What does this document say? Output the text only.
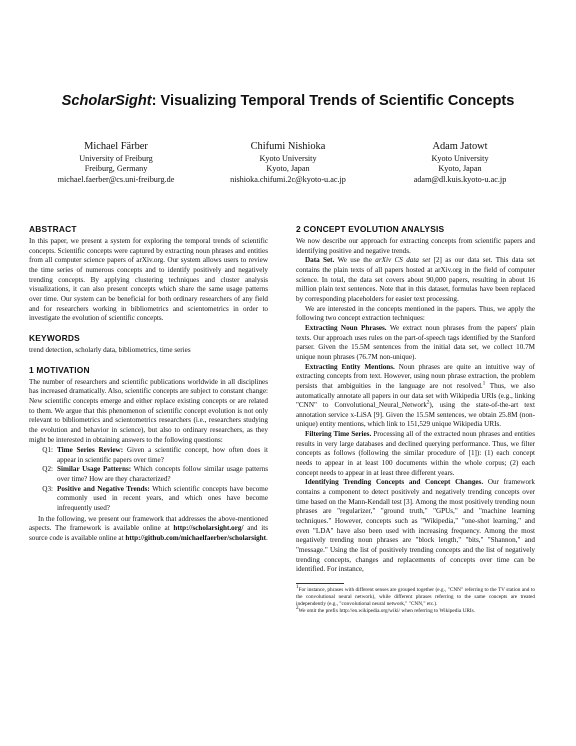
ScholarSight: Visualizing Temporal Trends of Scientific Concepts
Michael Färber
University of Freiburg
Freiburg, Germany
michael.faerber@cs.uni-freiburg.de
Chifumi Nishioka
Kyoto University
Kyoto, Japan
nishioka.chifumi.2c@kyoto-u.ac.jp
Adam Jatowt
Kyoto University
Kyoto, Japan
adam@dl.kuis.kyoto-u.ac.jp
ABSTRACT

In this paper, we present a system for exploring the temporal trends of scientific concepts. Scientific concepts were captured by extracting noun phrases and entities from all computer science papers of arXiv.org. Our system allows users to review the time series of numerous concepts and to identify positively and negatively trending concepts. By applying clustering techniques and cluster analysis visualizations, it can also present concepts which share the same usage patterns over time. Our system can be beneficial for both ordinary researchers of any field and for researchers working in bibliometrics and scientometrics in order to investigate the evolution of scientific concepts.

KEYWORDS

trend detection, scholarly data, bibliometrics, time series

1 MOTIVATION

The number of researchers and scientific publications worldwide in all disciplines has increased dramatically. Also, scientific concepts are subject to constant change: New scientific concepts emerge and either replace existing concepts or are related to them. We argue that this phenomenon of scientific concept evolution is not only relevant to bibliometrics and scientometrics researchers (i.e., researchers studying the evolution and behavior in science), but also to ordinary researchers, as they might be interested in obtaining answers to the following questions:

Q1: Time Series Review: Given a scientific concept, how often does it appear in scientific papers over time?
Q2: Similar Usage Patterns: Which concepts follow similar usage patterns over time? How are they characterized?
Q3: Positive and Negative Trends: Which scientific concepts have become commonly used in recent years, and which ones have become infrequently used?

In the following, we present our framework that addresses the above-mentioned aspects. The framework is available online at http://scholarsight.org/ and its source code is available online at http://github.com/michaelfaerber/scholarsight.

2 CONCEPT EVOLUTION ANALYSIS

We now describe our approach for extracting concepts from scientific papers and identifying positive and negative trends.

Data Set. We use the arXiv CS data set [2] as our data set. This data set contains the plain texts of all papers hosted at arXiv.org in the field of computer science. In total, the data set covers about 90,000 papers, resulting in about 16 million plain text sentences. Note that in this dataset, formulas have been replaced by corresponding placeholders for easier text processing.

We are interested in the concepts mentioned in the papers. Thus, we apply the following two concept extraction techniques:

Extracting Noun Phrases. We extract noun phrases from the papers' plain texts. Our approach uses rules on the part-of-speech tags identified by the Stanford parser. Given the 15.5M sentences from the initial data set, we collect 10.7M unique noun phrases (76.7M non-unique).

Extracting Entity Mentions. Noun phrases are quite an intuitive way of extracting concepts from text. However, using noun phrase extraction, the problem persists that ambiguities in the language are not resolved.$^1$ Thus, we also automatically annotate all papers in our data set with Wikipedia URIs (e.g., linking "CNN" to Convolutional_Neural_Network$^2$), using the state-of-the-art text annotation service x-LiSA [9]. Given the 15.5M sentences, we obtain 25.8M (non-unique) entity mentions, which link to 151,529 unique Wikipedia URIs.

Filtering Time Series. Processing all of the extracted noun phrases and entities results in very large databases and declined querying performance. Thus, we filter concepts as follows (following the similar procedure of [1]): (1) each concept needs to appear in at least 100 documents within the whole corpus; (2) each concept needs to appear in at least three different years.

Identifying Trending Concepts and Concept Changes. Our framework contains a component to detect positively and negatively trending concepts over time based on the Mann-Kendall test [3]. Among the most positively trending noun phrases are "regularizer," "ground truth," "GPUs," and "machine learning techniques." However, concepts such as "Wikipedia," "one-shot learning," and even "LDA" have also been used with increasing frequency. Among the most negatively trending noun phrases are "block length," "bits," "Shannon," and "message." Using the list of positively trending concepts and the list of negatively trending concepts, changes and replacements of concepts over time can be identified. For instance,

$^1$For instance, phrases with different senses are grouped together (e.g., "CNN" referring to the TV station and to the convolutional neural network), while different phrases referring to the same concepts are treated independently (e.g., "convolutional neural network," "CNN," etc.).

$^2$We omit the prefix http://en.wikipedia.org/wiki/ when referring to Wikipedia URIs.
